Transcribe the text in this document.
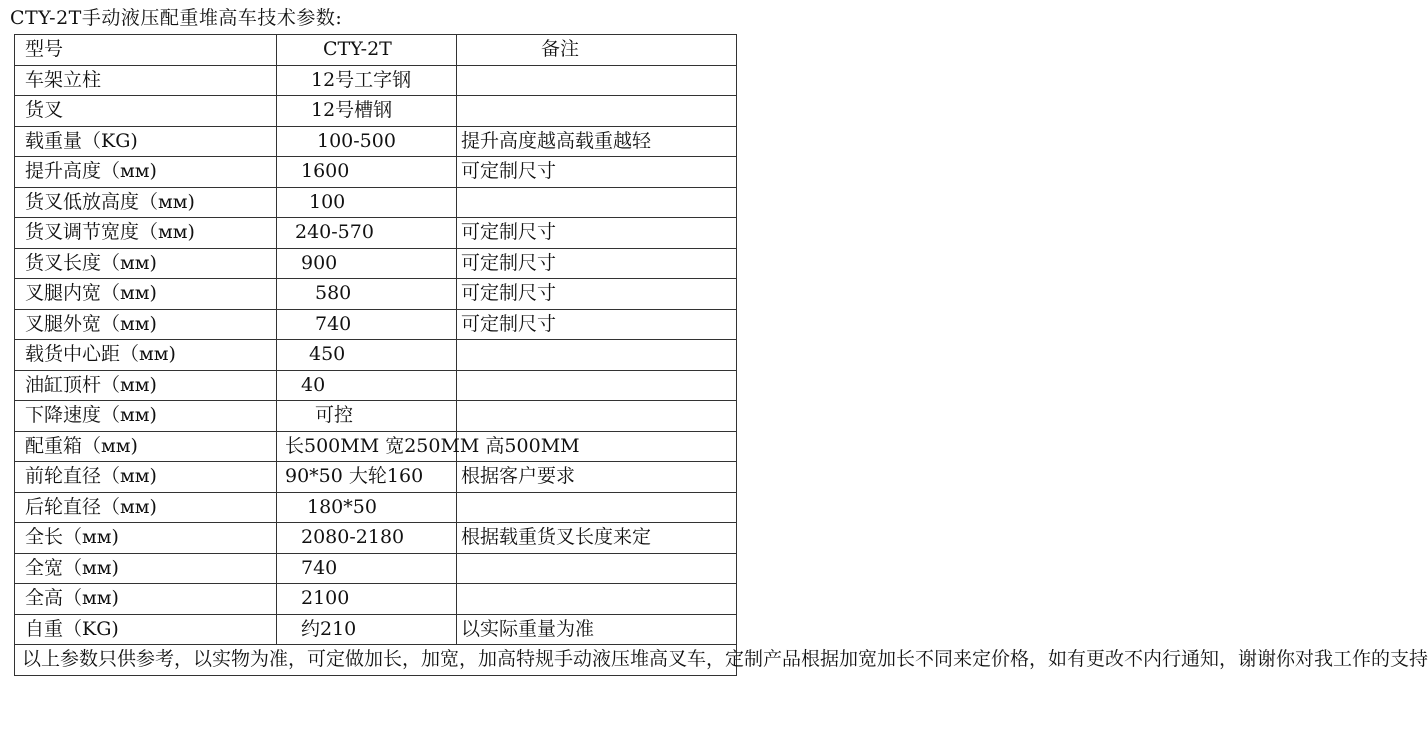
CTY-2T手动液压配重堆高车技术参数:
型号	CTY-2T	备注
车架立柱	12号工字钢	
货叉	12号槽钢	
载重量（KG)	100-500	提升高度越高载重越轻
提升高度（мм)	1600	可定制尺寸
货叉低放高度（мм)	100	
货叉调节宽度（мм)	240-570	可定制尺寸
货叉长度（мм)	900	可定制尺寸
叉腿内宽（мм)	580	可定制尺寸
叉腿外宽（мм)	740	可定制尺寸
载货中心距（мм)	450	
油缸顶杆（мм)	40	
下降速度（мм)	可控	
配重箱（мм)	长500MM 宽250MM 高500MM	
前轮直径（мм)	90*50 大轮160	根据客户要求
后轮直径（мм)	180*50	
全长（мм)	2080-2180	根据载重货叉长度来定
全宽（мм)	740	
全高（мм)	2100	
自重（KG)	约210	以实际重量为准
以上参数只供参考，以实物为准，可定做加长，加宽，加高特规手动液压堆高叉车，定制产品根据加宽加长不同来定价格，如有更改不内行通知，谢谢你对我工作的支持		
